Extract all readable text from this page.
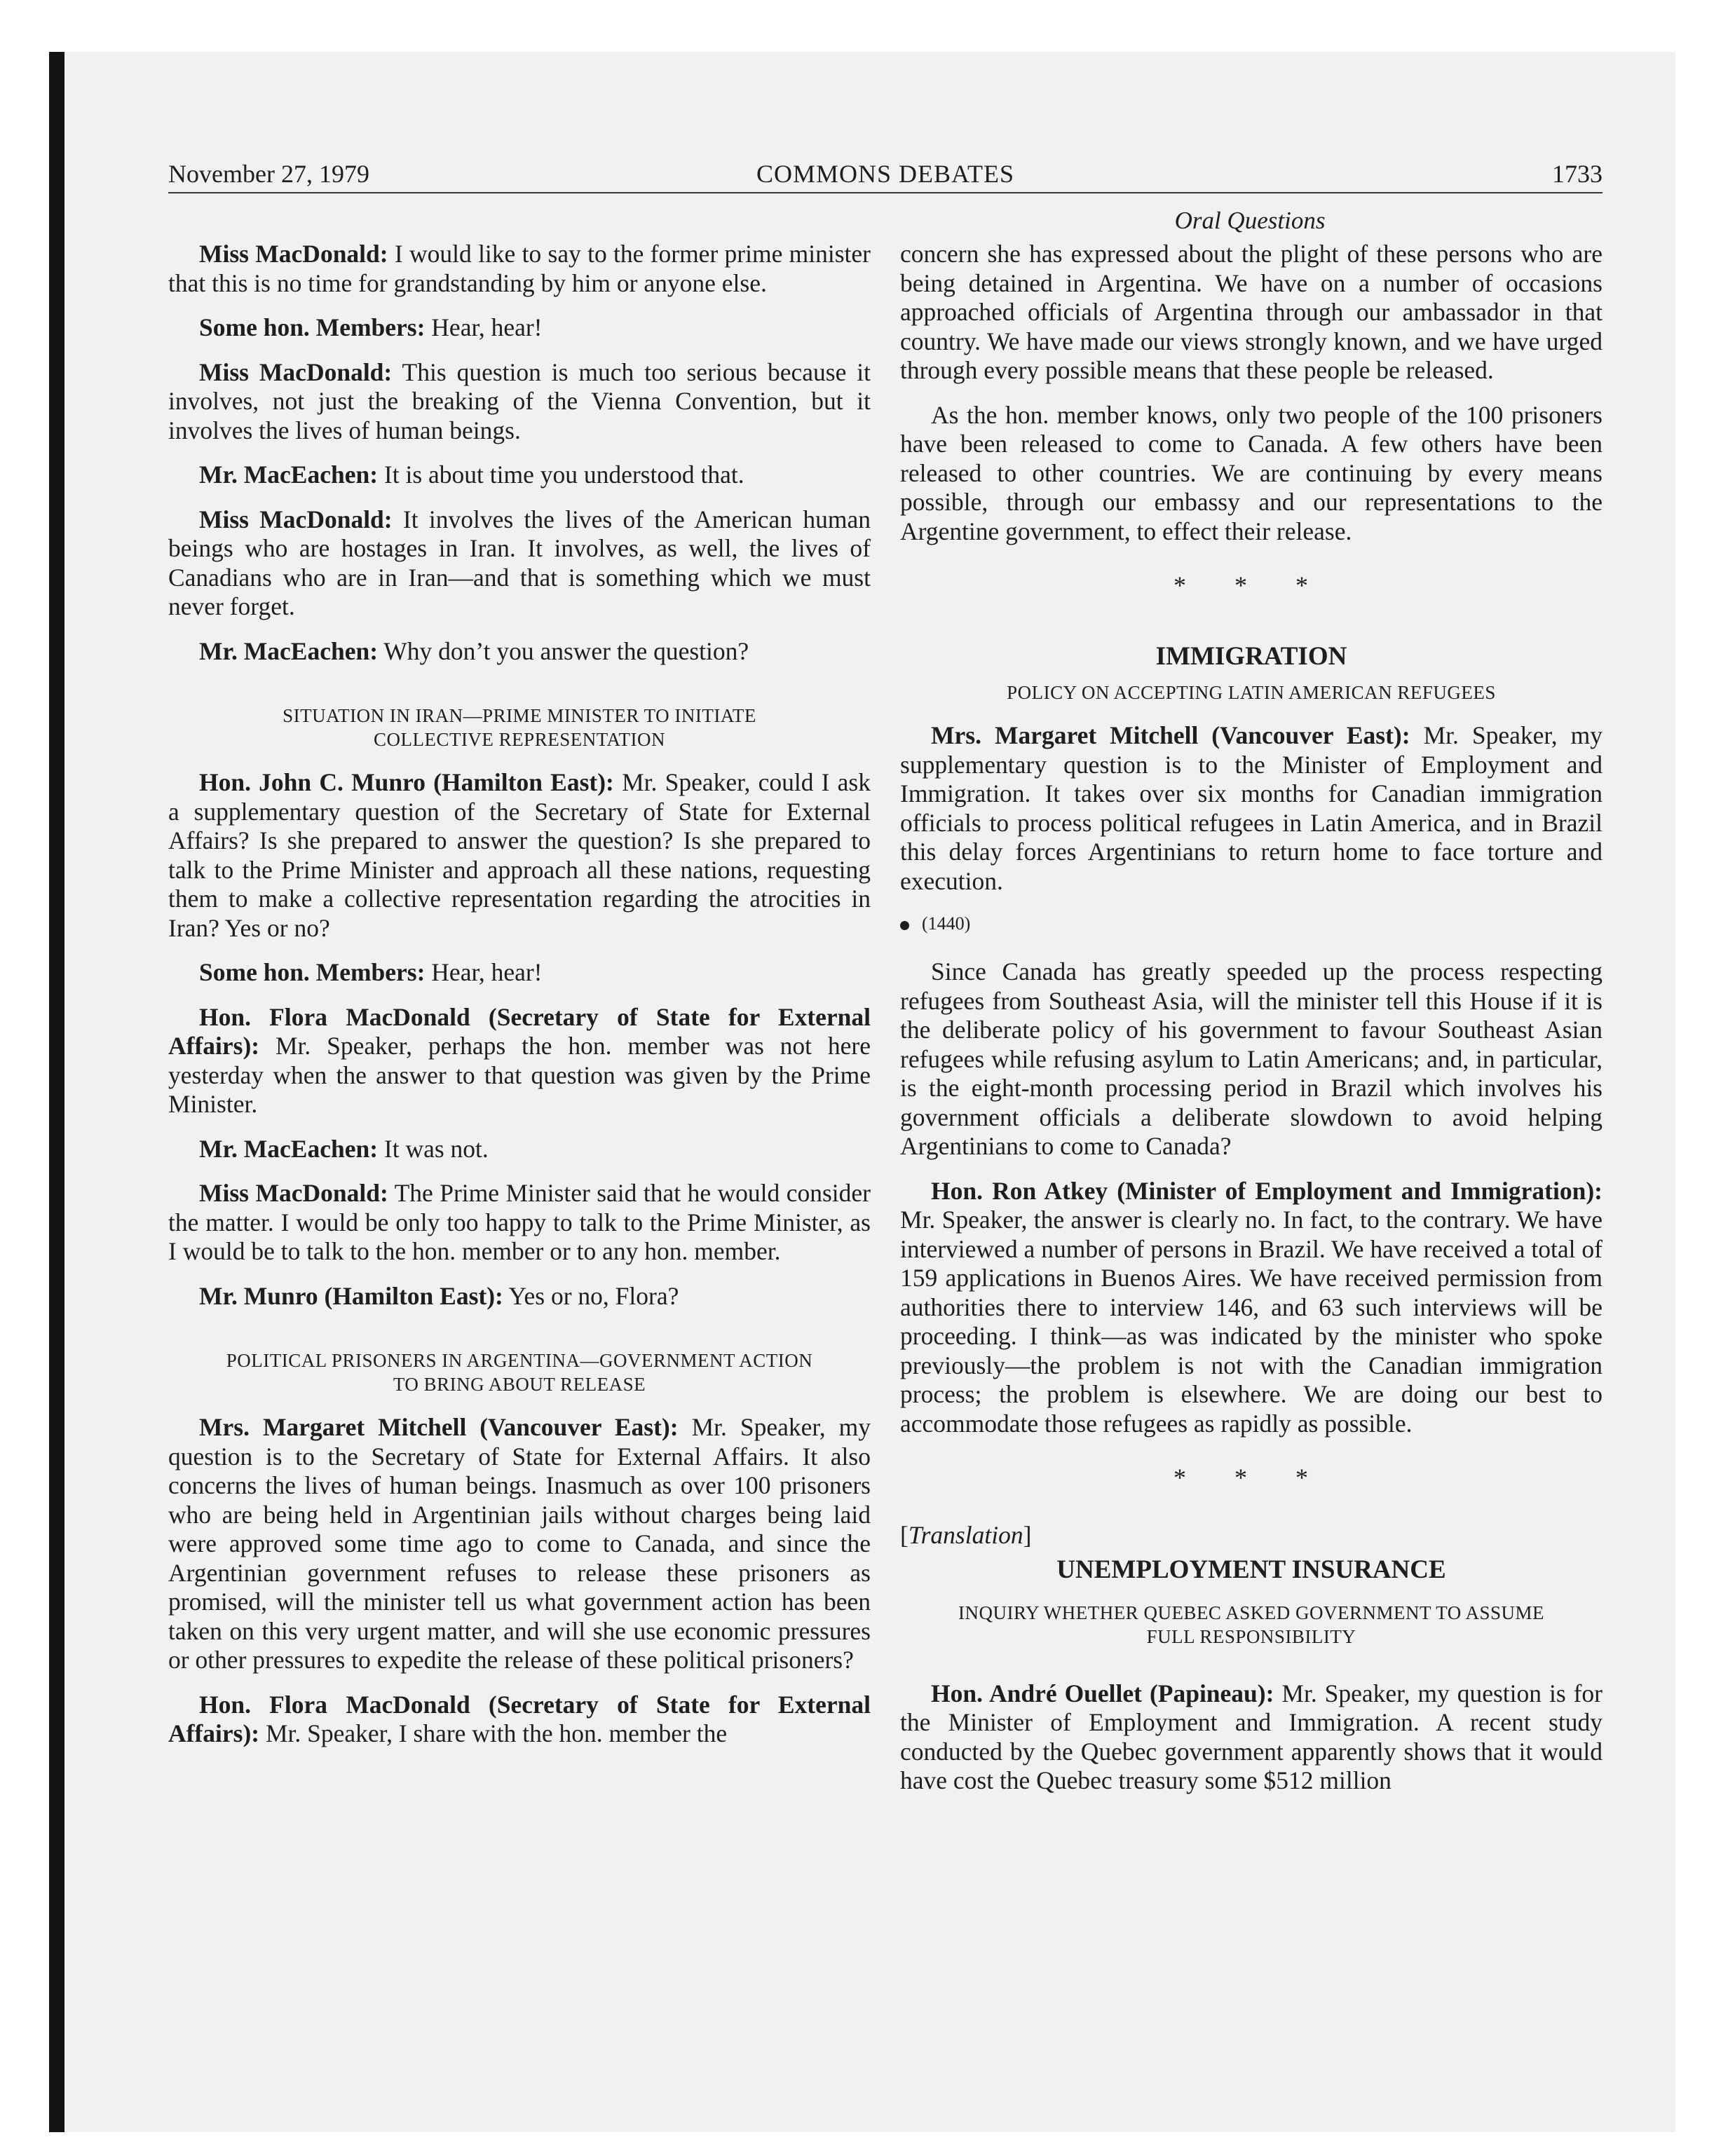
November 27, 1979	COMMONS DEBATES	1733
Oral Questions

Miss MacDonald: I would like to say to the former prime minister that this is no time for grandstanding by him or anyone else.

Some hon. Members: Hear, hear!

Miss MacDonald: This question is much too serious because it involves, not just the breaking of the Vienna Convention, but it involves the lives of human beings.

Mr. MacEachen: It is about time you understood that.

Miss MacDonald: It involves the lives of the American human beings who are hostages in Iran. It involves, as well, the lives of Canadians who are in Iran—and that is something which we must never forget.

Mr. MacEachen: Why don’t you answer the question?

SITUATION IN IRAN—PRIME MINISTER TO INITIATE
COLLECTIVE REPRESENTATION

Hon. John C. Munro (Hamilton East): Mr. Speaker, could I ask a supplementary question of the Secretary of State for External Affairs? Is she prepared to answer the question? Is she prepared to talk to the Prime Minister and approach all these nations, requesting them to make a collective representation regarding the atrocities in Iran? Yes or no?

Some hon. Members: Hear, hear!

Hon. Flora MacDonald (Secretary of State for External Affairs): Mr. Speaker, perhaps the hon. member was not here yesterday when the answer to that question was given by the Prime Minister.

Mr. MacEachen: It was not.

Miss MacDonald: The Prime Minister said that he would consider the matter. I would be only too happy to talk to the Prime Minister, as I would be to talk to the hon. member or to any hon. member.

Mr. Munro (Hamilton East): Yes or no, Flora?

POLITICAL PRISONERS IN ARGENTINA—GOVERNMENT ACTION
TO BRING ABOUT RELEASE

Mrs. Margaret Mitchell (Vancouver East): Mr. Speaker, my question is to the Secretary of State for External Affairs. It also concerns the lives of human beings. Inasmuch as over 100 prisoners who are being held in Argentinian jails without charges being laid were approved some time ago to come to Canada, and since the Argentinian government refuses to release these prisoners as promised, will the minister tell us what government action has been taken on this very urgent matter, and will she use economic pressures or other pressures to expedite the release of these political prisoners?

Hon. Flora MacDonald (Secretary of State for External Affairs): Mr. Speaker, I share with the hon. member the

concern she has expressed about the plight of these persons who are being detained in Argentina. We have on a number of occasions approached officials of Argentina through our ambassador in that country. We have made our views strongly known, and we have urged through every possible means that these people be released.

As the hon. member knows, only two people of the 100 prisoners have been released to come to Canada. A few others have been released to other countries. We are continuing by every means possible, through our embassy and our representations to the Argentine government, to effect their release.

* * *
IMMIGRATION
POLICY ON ACCEPTING LATIN AMERICAN REFUGEES

Mrs. Margaret Mitchell (Vancouver East): Mr. Speaker, my supplementary question is to the Minister of Employment and Immigration. It takes over six months for Canadian immigration officials to process political refugees in Latin America, and in Brazil this delay forces Argentinians to return home to face torture and execution.

(1440)

Since Canada has greatly speeded up the process respecting refugees from Southeast Asia, will the minister tell this House if it is the deliberate policy of his government to favour Southeast Asian refugees while refusing asylum to Latin Americans; and, in particular, is the eight-month processing period in Brazil which involves his government officials a deliberate slowdown to avoid helping Argentinians to come to Canada?

Hon. Ron Atkey (Minister of Employment and Immigration): Mr. Speaker, the answer is clearly no. In fact, to the contrary. We have interviewed a number of persons in Brazil. We have received a total of 159 applications in Buenos Aires. We have received permission from authorities there to interview 146, and 63 such interviews will be proceeding. I think—as was indicated by the minister who spoke previously—the problem is not with the Canadian immigration process; the problem is elsewhere. We are doing our best to accommodate those refugees as rapidly as possible.

* * *
[Translation]
UNEMPLOYMENT INSURANCE
INQUIRY WHETHER QUEBEC ASKED GOVERNMENT TO ASSUME
FULL RESPONSIBILITY

Hon. André Ouellet (Papineau): Mr. Speaker, my question is for the Minister of Employment and Immigration. A recent study conducted by the Quebec government apparently shows that it would have cost the Quebec treasury some $512 million
